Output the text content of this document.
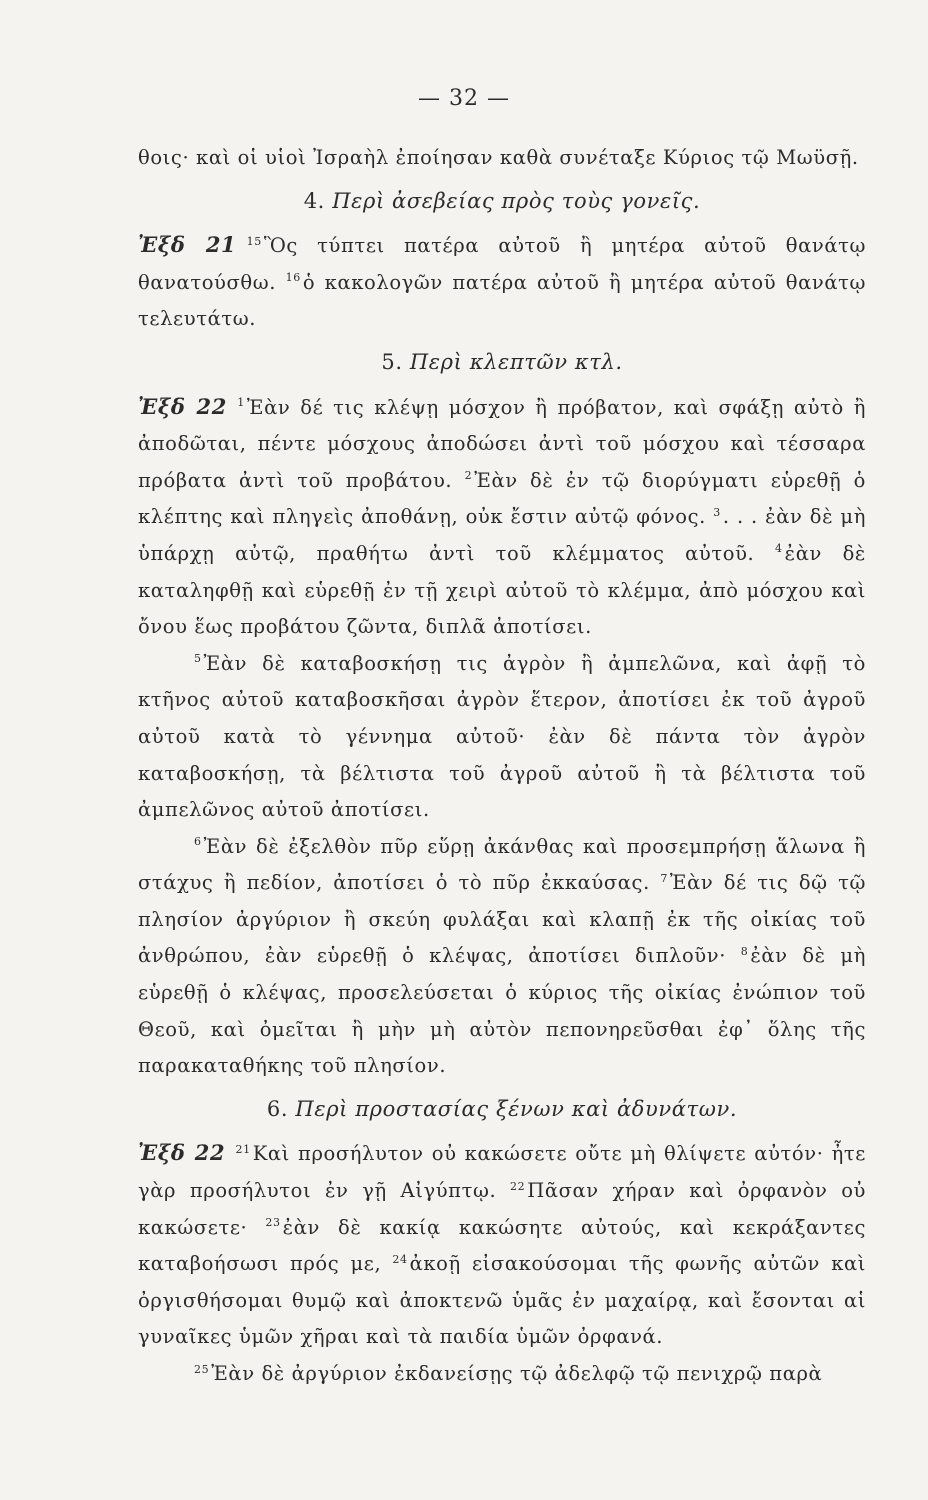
— 32 —

θοις· καὶ οἱ υἱοὶ Ἰσραὴλ ἐποίησαν καθὰ συνέταξε Κύριος τῷ Μωϋσῇ.

4. Περὶ ἀσεβείας πρὸς τοὺς γονεῖς.

Ἐξδ 21  $^{15}$ Ὃς τύπτει πατέρα αὐτοῦ ἢ μητέρα αὐτοῦ θανάτῳ θανατούσθω. $^{16}$ ὁ κακολογῶν πατέρα αὐτοῦ ἢ μητέρα αὐτοῦ θανάτῳ τελευτάτω.

5. Περὶ κλεπτῶν κτλ.

Ἐξδ 22  $^1$ Ἐὰν δέ τις κλέψῃ μόσχον ἢ πρόβατον, καὶ σφάξῃ αὐτὸ ἢ ἀποδῶται, πέντε μόσχους ἀποδώσει ἀντὶ τοῦ μόσχου καὶ τέσσαρα πρόβατα ἀντὶ τοῦ προβάτου. $^2$ Ἐὰν δὲ ἐν τῷ διορύγματι εὑρεθῇ ὁ κλέπτης καὶ πληγεὶς ἀποθάνῃ, οὐκ ἔστιν αὐτῷ φόνος. $^3$ . . . ἐὰν δὲ μὴ ὑπάρχῃ αὐτῷ, πραθήτω ἀντὶ τοῦ κλέμματος αὐτοῦ. $^4$ ἐὰν δὲ καταληφθῇ καὶ εὑρεθῇ ἐν τῇ χειρὶ αὐτοῦ τὸ κλέμμα, ἀπὸ μόσχου καὶ ὄνου ἕως προβάτου ζῶντα, διπλᾶ ἀποτίσει.

$^5$ Ἐὰν δὲ καταβοσκήσῃ τις ἀγρὸν ἢ ἀμπελῶνα, καὶ ἀφῇ τὸ κτῆνος αὐτοῦ καταβοσκῆσαι ἀγρὸν ἕτερον, ἀποτίσει ἐκ τοῦ ἀγροῦ αὐτοῦ κατὰ τὸ γέννημα αὐτοῦ· ἐὰν δὲ πάντα τὸν ἀγρὸν καταβοσκήσῃ, τὰ βέλτιστα τοῦ ἀγροῦ αὐτοῦ ἢ τὰ βέλτιστα τοῦ ἀμπελῶνος αὐτοῦ ἀποτίσει.

$^6$ Ἐὰν δὲ ἐξελθὸν πῦρ εὕρῃ ἀκάνθας καὶ προσεμπρήσῃ ἅλωνα ἢ στάχυς ἢ πεδίον, ἀποτίσει ὁ τὸ πῦρ ἐκκαύσας. $^7$ Ἐὰν δέ τις δῷ τῷ πλησίον ἀργύριον ἢ σκεύη φυλάξαι καὶ κλαπῇ ἐκ τῆς οἰκίας τοῦ ἀνθρώπου, ἐὰν εὑρεθῇ ὁ κλέψας, ἀποτίσει διπλοῦν· $^8$ ἐὰν δὲ μὴ εὑρεθῇ ὁ κλέψας, προσελεύσεται ὁ κύριος τῆς οἰκίας ἐνώπιον τοῦ Θεοῦ, καὶ ὀμεῖται ἢ μὴν μὴ αὐτὸν πεπονηρεῦσθαι ἐφ᾽ ὅλης τῆς παρακαταθήκης τοῦ πλησίον.

6. Περὶ προστασίας ξένων καὶ ἀδυνάτων.

Ἐξδ 22  $^{21}$ Καὶ προσήλυτον οὐ κακώσετε οὔτε μὴ θλίψετε αὐτόν· ἦτε γὰρ προσήλυτοι ἐν γῇ Αἰγύπτῳ. $^{22}$ Πᾶσαν χήραν καὶ ὀρφανὸν οὐ κακώσετε· $^{23}$ ἐὰν δὲ κακίᾳ κακώσητε αὐτούς, καὶ κεκράξαντες καταβοήσωσι πρός με, $^{24}$ ἀκοῇ εἰσακούσομαι τῆς φωνῆς αὐτῶν καὶ ὀργισθήσομαι θυμῷ καὶ ἀποκτενῶ ὑμᾶς ἐν μαχαίρᾳ, καὶ ἔσονται αἱ γυναῖκες ὑμῶν χῆραι καὶ τὰ παιδία ὑμῶν ὀρφανά.

$^{25}$ Ἐὰν δὲ ἀργύριον ἐκδανείσῃς τῷ ἀδελφῷ τῷ πενιχρῷ παρὰ
